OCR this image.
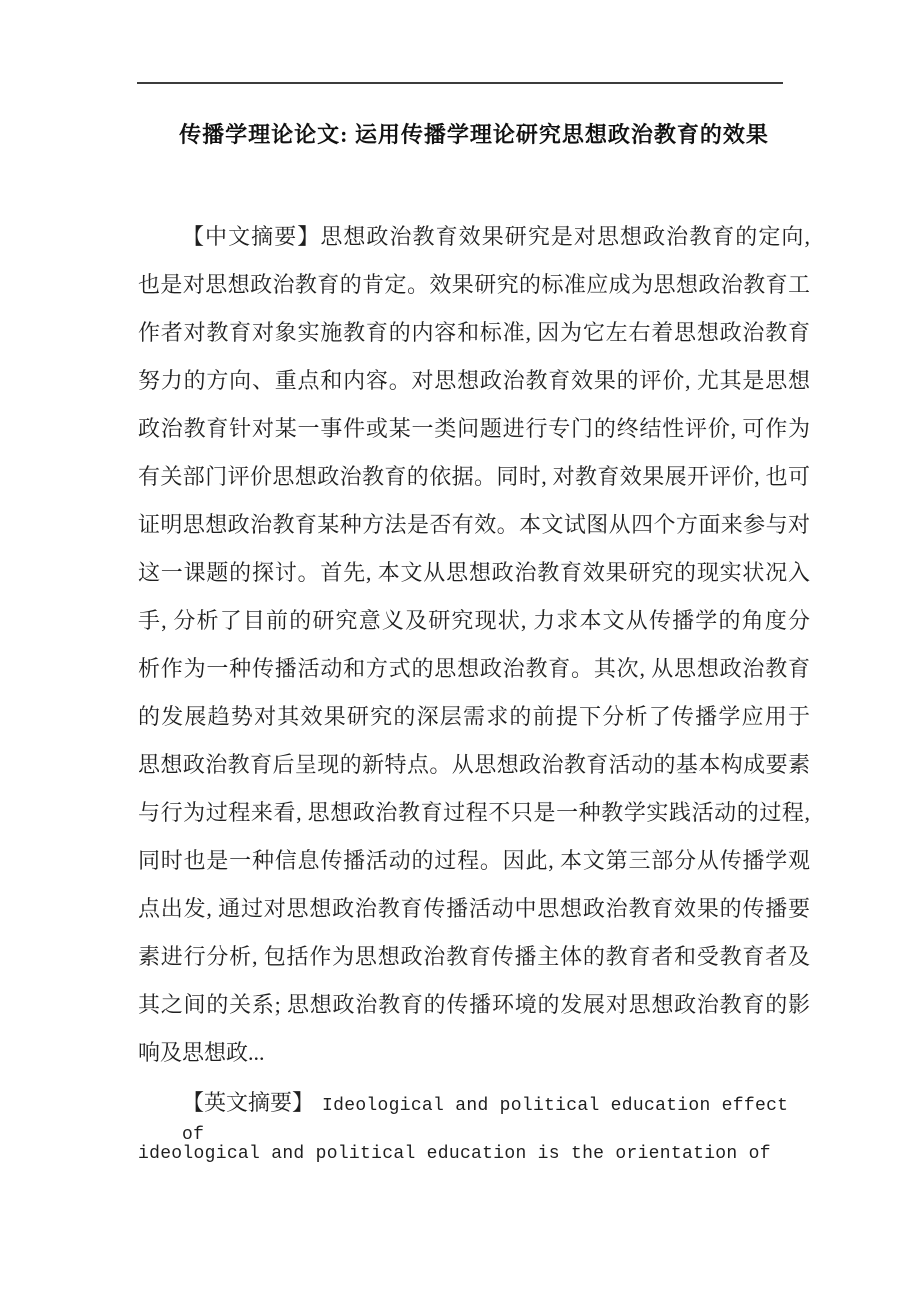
传播学理论论文: 运用传播学理论研究思想政治教育的效果
【中文摘要】思想政治教育效果研究是对思想政治教育的定向,
也是对思想政治教育的肯定。效果研究的标准应成为思想政治教育工
作者对教育对象实施教育的内容和标准, 因为它左右着思想政治教育
努力的方向、重点和内容。对思想政治教育效果的评价, 尤其是思想
政治教育针对某一事件或某一类问题进行专门的终结性评价, 可作为
有关部门评价思想政治教育的依据。同时, 对教育效果展开评价, 也可
证明思想政治教育某种方法是否有效。本文试图从四个方面来参与对
这一课题的探讨。首先, 本文从思想政治教育效果研究的现实状况入
手, 分析了目前的研究意义及研究现状, 力求本文从传播学的角度分
析作为一种传播活动和方式的思想政治教育。其次, 从思想政治教育
的发展趋势对其效果研究的深层需求的前提下分析了传播学应用于
思想政治教育后呈现的新特点。从思想政治教育活动的基本构成要素
与行为过程来看, 思想政治教育过程不只是一种教学实践活动的过程,
同时也是一种信息传播活动的过程。因此, 本文第三部分从传播学观
点出发, 通过对思想政治教育传播活动中思想政治教育效果的传播要
素进行分析, 包括作为思想政治教育传播主体的教育者和受教育者及
其之间的关系; 思想政治教育的传播环境的发展对思想政治教育的影
响及思想政...
【英文摘要】 Ideological and political education effect of
ideological and political education is the orientation of
